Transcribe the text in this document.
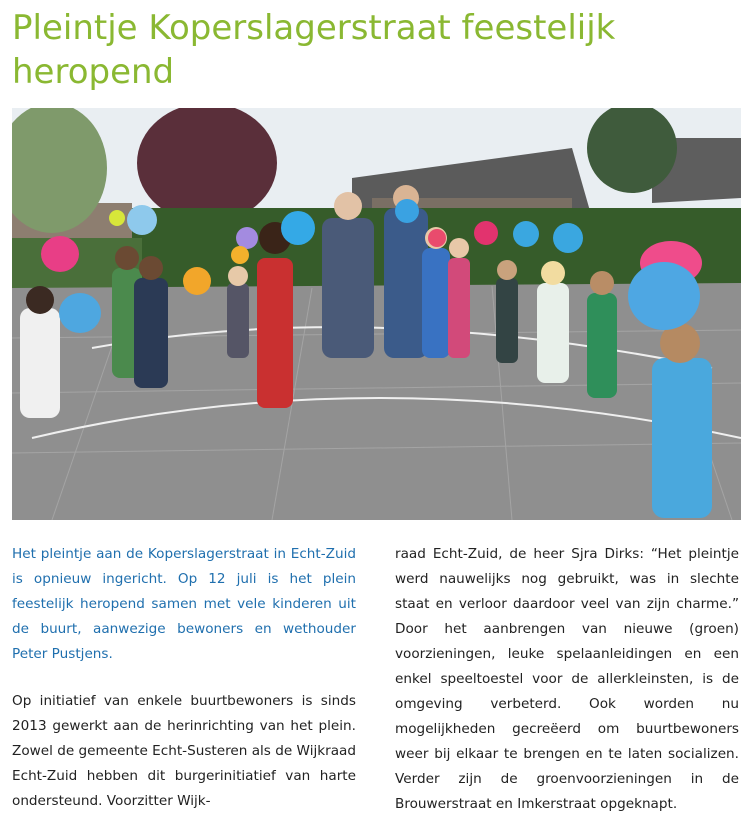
Pleintje Koperslagerstraat feestelijk heropend

Het pleintje aan de Koperslagerstraat in Echt-Zuid is opnieuw ingericht. Op 12 juli is het plein feestelijk heropend samen met vele kinderen uit de buurt, aanwezige bewoners en wethouder Peter Pustjens.

Op initiatief van enkele buurtbewoners is sinds 2013 gewerkt aan de herinrichting van het plein. Zowel de gemeente Echt-Susteren als de Wijkraad Echt-Zuid hebben dit burgerinitiatief van harte ondersteund. Voorzitter Wijk-

raad Echt-Zuid, de heer Sjra Dirks: “Het pleintje werd nauwelijks nog gebruikt, was in slechte staat en verloor daardoor veel van zijn charme.” Door het aanbrengen van nieuwe (groen) voorzieningen, leuke spelaanleidingen en een enkel speeltoestel voor de allerkleinsten, is de omgeving verbeterd. Ook worden nu mogelijkheden gecreëerd om buurtbewoners weer bij elkaar te brengen en te laten socializen. Verder zijn de groenvoorzieningen in de Brouwerstraat en Imkerstraat opgeknapt.
